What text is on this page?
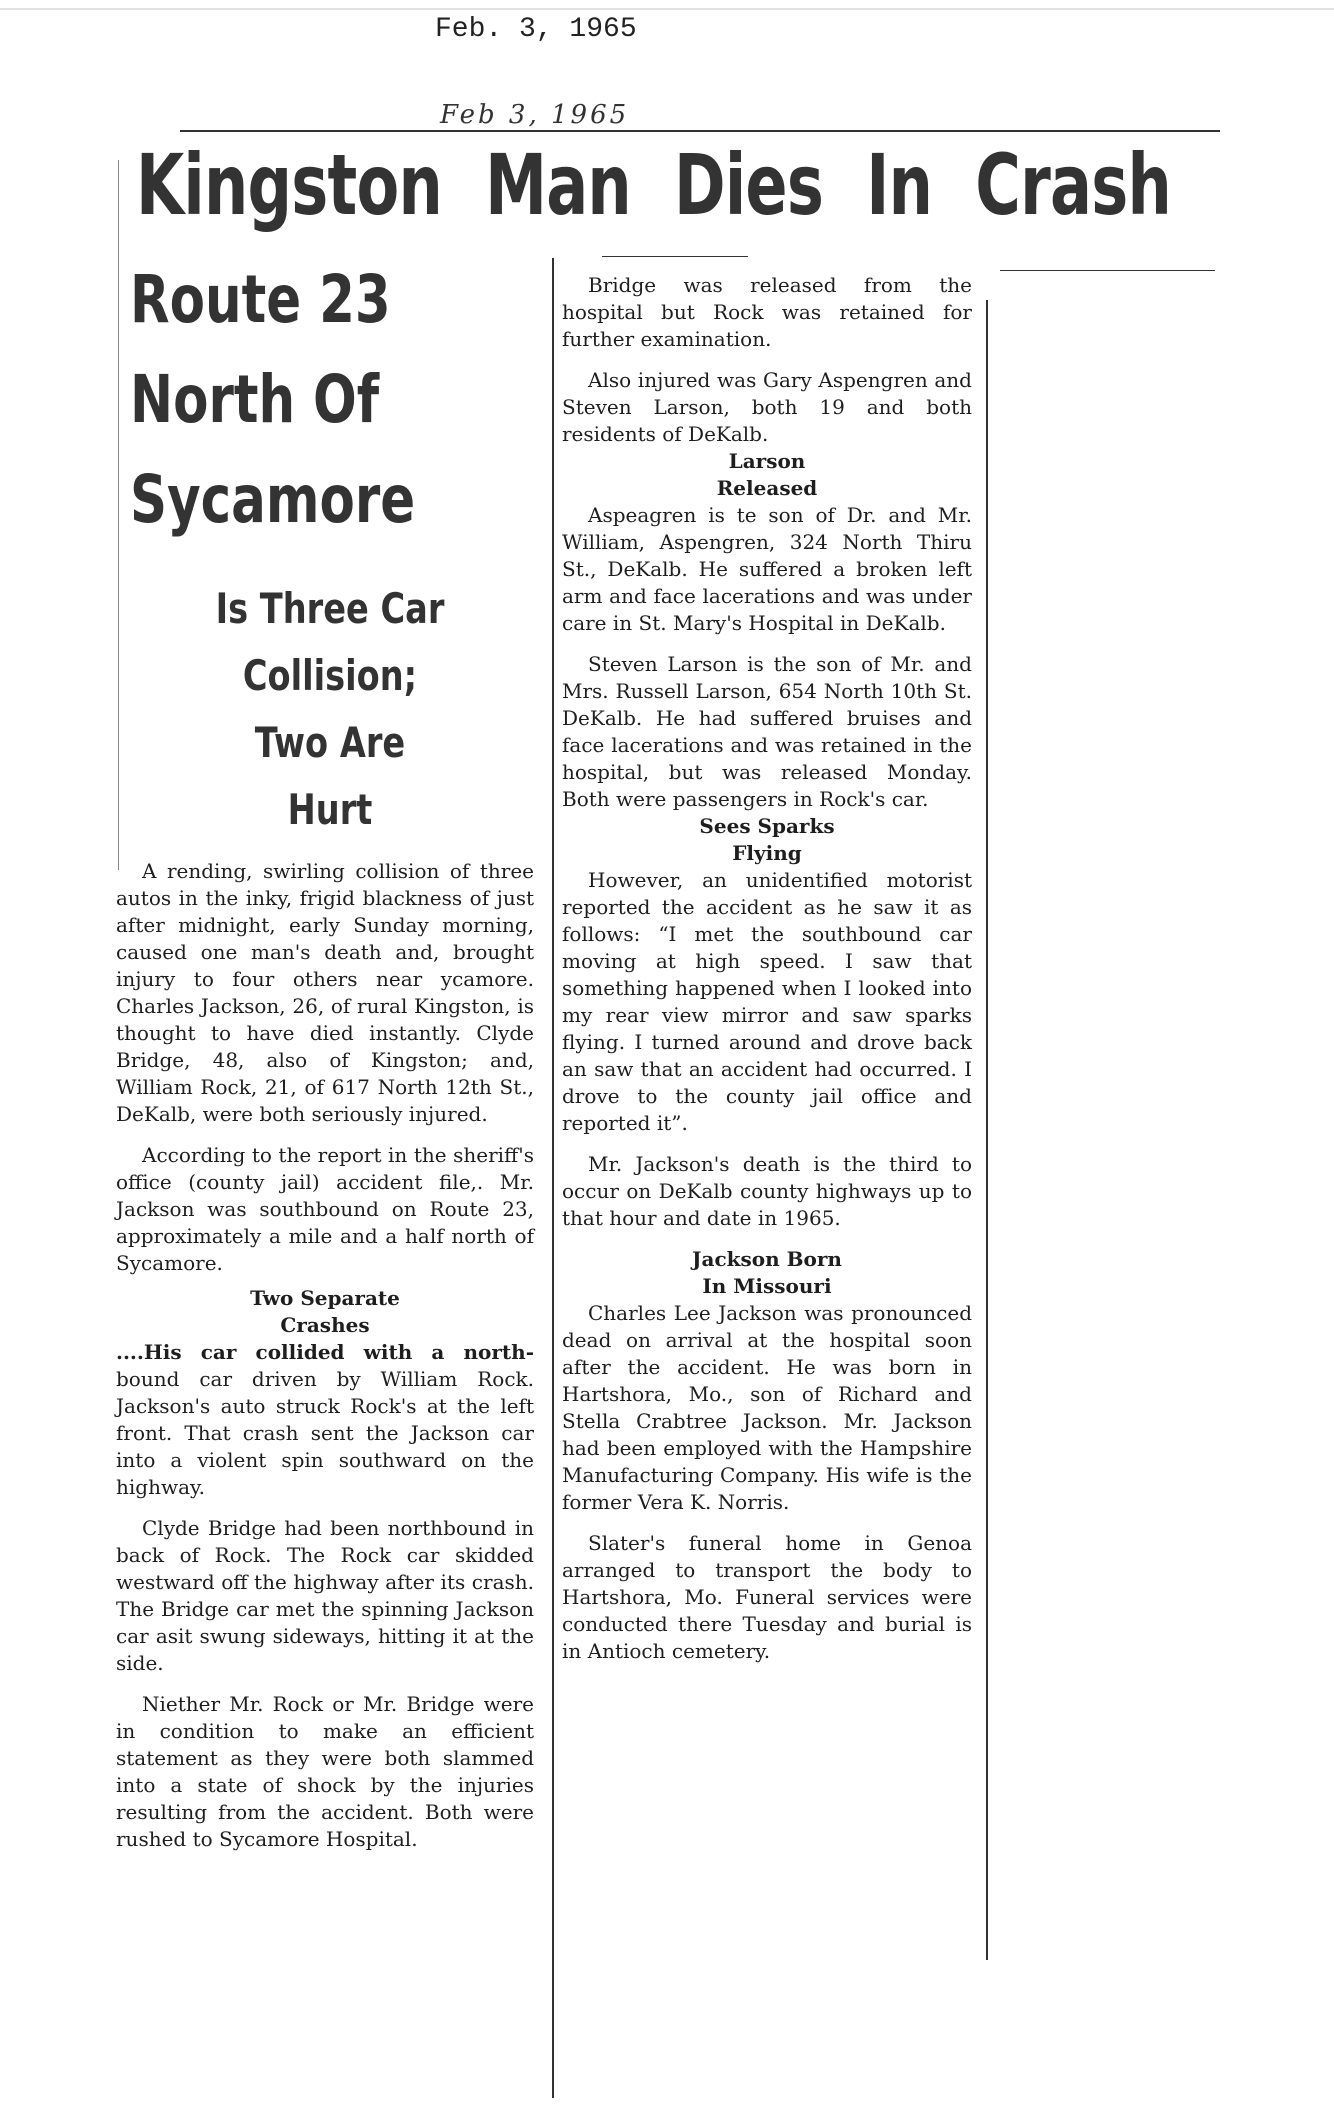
Feb. 3, 1965
Feb 3, 1965
Kingston Man Dies In Crash
Route 23
North Of
Sycamore
Is Three Car
Collision;
Two Are
Hurt

A rending, swirling collision of three autos in the inky, frigid blackness of just after midnight, early Sunday morning, caused one man's death and, brought injury to four others near ycamore. Charles Jackson, 26, of rural Kingston, is thought to have died instantly. Clyde Bridge, 48, also of Kingston; and, William Rock, 21, of 617 North 12th St., DeKalb, were both seriously injured.

According to the report in the sheriff's office (county jail) accident file,. Mr. Jackson was southbound on Route 23, approximately a mile and a half north of Sycamore.

Two Separate
Crashes

....His car collided with a north- bound car driven by William Rock. Jackson's auto struck Rock's at the left front. That crash sent the Jackson car into a violent spin southward on the highway.

Clyde Bridge had been northbound in back of Rock. The Rock car skidded westward off the highway after its crash. The Bridge car met the spinning Jackson car asit swung sideways, hitting it at the side.

Niether Mr. Rock or Mr. Bridge were in condition to make an efficient statement as they were both slammed into a state of shock by the injuries resulting from the accident. Both were rushed to Sycamore Hospital.

Bridge was released from the hospital but Rock was retained for further examination.

Also injured was Gary Aspengren and Steven Larson, both 19 and both residents of DeKalb.

Larson
Released

Aspeagren is te son of Dr. and Mr. William, Aspengren, 324 North Thiru St., DeKalb. He suffered a broken left arm and face lacerations and was under care in St. Mary's Hospital in DeKalb.

Steven Larson is the son of Mr. and Mrs. Russell Larson, 654 North 10th St. DeKalb. He had suffered bruises and face lacerations and was retained in the hospital, but was released Monday. Both were passengers in Rock's car.

Sees Sparks
Flying

However, an unidentified motorist reported the accident as he saw it as follows: “I met the southbound car moving at high speed. I saw that something happened when I looked into my rear view mirror and saw sparks flying. I turned around and drove back an saw that an accident had occurred. I drove to the county jail office and reported it”.

Mr. Jackson's death is the third to occur on DeKalb county highways up to that hour and date in 1965.

Jackson Born
In Missouri

Charles Lee Jackson was pronounced dead on arrival at the hospital soon after the accident. He was born in Hartshora, Mo., son of Richard and Stella Crabtree Jackson. Mr. Jackson had been employed with the Hampshire Manufacturing Company. His wife is the former Vera K. Norris.

Slater's funeral home in Genoa arranged to transport the body to Hartshora, Mo. Funeral services were conducted there Tuesday and burial is in Antioch cemetery.
